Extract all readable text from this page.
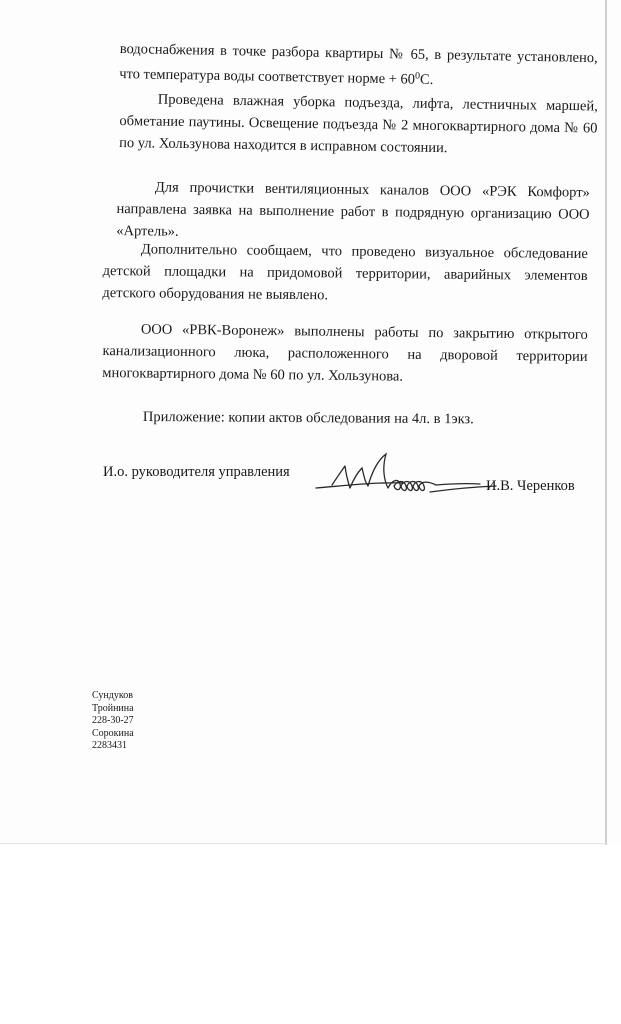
водоснабжения в точке разбора квартиры № 65, в результате установлено,
что температура воды соответствует норме + $60^0С$.
Проведена влажная уборка подъезда, лифта, лестничных маршей,
обметание паутины. Освещение подъезда № 2 многоквартирного дома № 60
по ул. Хользунова находится в исправном состоянии.
Для прочистки вентиляционных каналов ООО «РЭК Комфорт»
направлена заявка на выполнение работ в подрядную организацию ООО
«Артель».
Дополнительно сообщаем, что проведено визуальное обследование
детской площадки на придомовой территории, аварийных элементов
детского оборудования не выявлено.
ООО «РВК-Воронеж» выполнены работы по закрытию открытого
канализационного люка, расположенного на дворовой территории
многоквартирного дома № 60 по ул. Хользунова.
Приложение: копии актов обследования на 4л. в 1экз.
И.о. руководителя управления
И.В. Черенков
Сундуков
Тройнина
228-30-27
Сорокина
2283431
